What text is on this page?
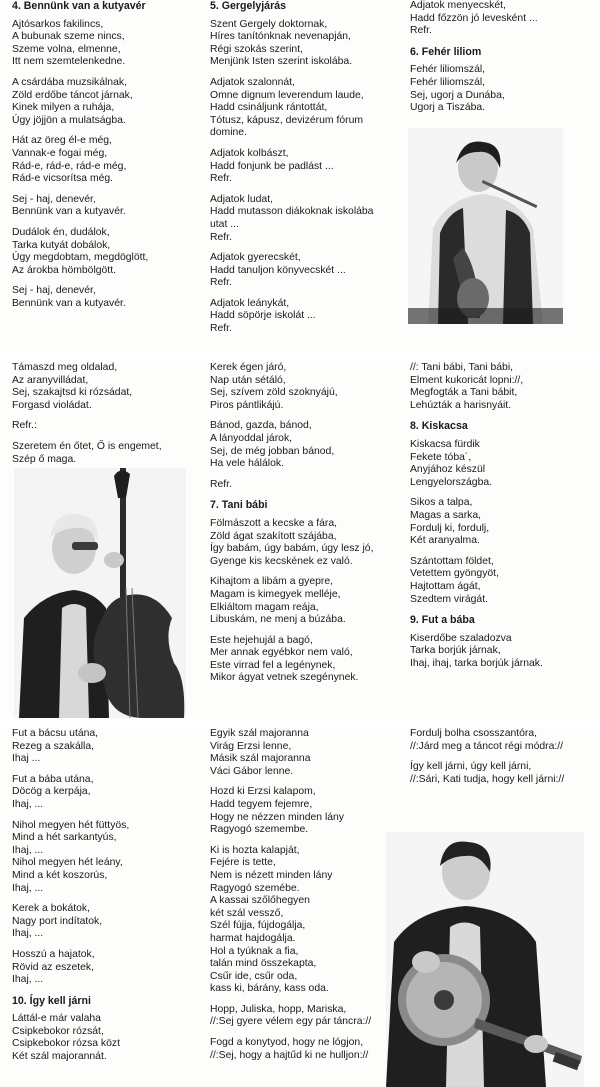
4. Bennünk van a kutyavér
Ajtósarkos fakilincs,
A bubunak szeme nincs,
Szeme volna, elmenne,
Itt nem szemtelenkedne.
A csárdába muzsikálnak,
Zöld erdőbe táncot járnak,
Kinek milyen a ruhája,
Úgy jöjjön a mulatságba.
Hát az öreg él-e még,
Vannak-e fogai még,
Rád-e, rád-e, rád-e még,
Rád-e vicsorítsa még.
Sej - haj, denevér,
Bennünk van a kutyavér.
Dudálok én, dudálok,
Tarka kutyát dobálok,
Úgy megdobtam, megdöglött,
Az árokba hömbölgött.
Sej - haj, denevér,
Bennünk van a kutyavér.
5. Gergelyjárás
Szent Gergely doktornak,
Híres tanítónknak nevenapján,
Régi szokás szerint,
Menjünk Isten szerint iskolába.
Adjatok szalonnát,
Omne dignum leverendum laude,
Hadd csináljunk rántottát,
Tótusz, kápusz, devizérum fórum
domine.
Adjatok kolbászt,
Hadd fonjunk be padlást ...
Refr.
Adjatok ludat,
Hadd mutasson diákoknak iskolába
utat ...
Refr.
Adjatok gyerecskét,
Hadd tanuljon könyvecskét ...
Refr.
Adjatok leánykát,
Hadd söpörje iskolát ...
Refr.
Adjatok menyecskét,
Hadd főzzön jó levesként ...
Refr.
6. Fehér liliom
Fehér liliomszál,
Fehér liliomszál,
Sej, ugorj a Dunába,
Ugorj a Tiszába.
Támaszd meg oldalad,
Az aranyvilládat,
Sej, szakajtsd ki rózsádat,
Forgasd violádat.
Refr.:
Szeretem én őtet, Ő is engemet,
Szép ő maga.
Kerek égen járó,
Nap után sétáló,
Sej, szívem zöld szoknyájú,
Piros pántlikájú.
Bánod, gazda, bánod,
A lányoddal járok,
Sej, de még jobban bánod,
Ha vele hálálok.
Refr.
7. Tani bábi
Fölmászott a kecske a fára,
Zöld ágat szakított szájába,
Így babám, úgy babám, úgy lesz jó,
Gyenge kis kecskének ez való.
Kihajtom a libám a gyepre,
Magam is kimegyek melléje,
Elkiáltom magam reája,
Libuskám, ne menj a búzába.
Este hejehujál a bagó,
Mer annak egyébkor nem való,
Este virrad fel a legénynek,
Mikor ágyat vetnek szegénynek.
//: Tani bábi, Tani bábi,
Elment kukoricát lopni://,
Megfogták a Tani bábit,
Lehúzták a harisnyáit.
8. Kiskacsa
Kiskacsa fürdik
Fekete tóba´,
Anyjához készül
Lengyelországba.
Sikos a talpa,
Magas a sarka,
Fordulj ki, fordulj,
Két aranyalma.
Szántottam földet,
Vetettem gyöngyöt,
Hajtottam ágát,
Szedtem virágát.
9. Fut a bába
Kiserdőbe szaladozva
Tarka borjúk járnak,
Ihaj, ihaj, tarka borjúk járnak.
Fut a bácsu utána,
Rezeg a szakálla,
Ihaj ...
Fut a bába utána,
Döcög a kerpája,
Ihaj, ...
Nihol megyen hét füttyös,
Mind a hét sarkantyús,
Ihaj, ...
Nihol megyen hét leány,
Mind a két koszorús,
Ihaj, ...
Kerek a bokátok,
Nagy port indítatok,
Ihaj, ...
Hosszú a hajatok,
Rövid az eszetek,
Ihaj, ...
10. Így kell járni
Láttál-e már valaha
Csipkebokor rózsát,
Csipkebokor rózsa közt
Két szál majorannát.
Egyik szál majoranna
Virág Erzsi lenne,
Másik szál majoranna
Váci Gábor lenne.
Hozd ki Erzsi kalapom,
Hadd tegyem fejemre,
Hogy ne nézzen minden lány
Ragyogó szemembe.
Ki is hozta kalapját,
Fejére is tette,
Nem is nézett minden lány
Ragyogó szemébe.
A kassai szőlőhegyen
két szál vessző,
Szél fújja, fújdogálja,
harmat hajdogálja.
Hol a tyúknak a fia,
talán mind összekapta,
Csűr ide, csűr oda,
kass ki, bárány, kass oda.
Hopp, Juliska, hopp, Mariska,
//:Sej gyere vélem egy pár táncra://
Fogd a konytyod, hogy ne lógjon,
//:Sej, hogy a hajtűd ki ne hulljon://
Fordulj bolha csosszantóra,
//:Járd meg a táncot régi módra://
Így kell járni, úgy kell járni,
//:Sári, Kati tudja, hogy kell járni://
